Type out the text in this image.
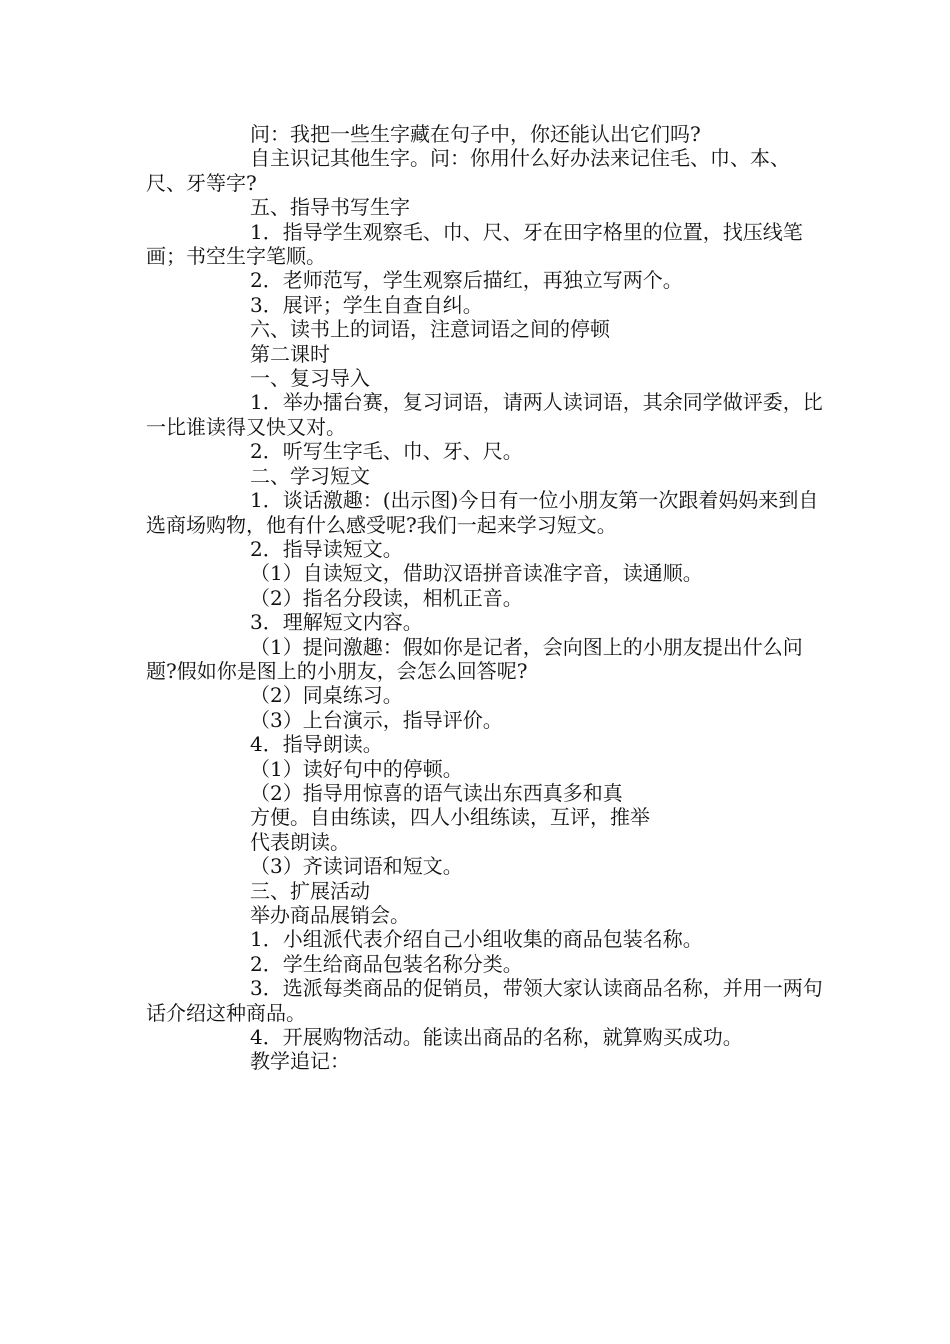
问：我把一些生字藏在句子中，你还能认出它们吗?

自主识记其他生字。问：你用什么好办法来记住毛、巾、本、尺、牙等字?

五、指导书写生字

1．指导学生观察毛、巾、尺、牙在田字格里的位置，找压线笔画；书空生字笔顺。

2．老师范写，学生观察后描红，再独立写两个。

3．展评；学生自查自纠。

六、读书上的词语，注意词语之间的停顿

第二课时

一、复习导入

1．举办擂台赛，复习词语，请两人读词语，其余同学做评委，比一比谁读得又快又对。

2．听写生字毛、巾、牙、尺。

二、学习短文

1．谈话激趣：(出示图)今日有一位小朋友第一次跟着妈妈来到自选商场购物，他有什么感受呢?我们一起来学习短文。

2．指导读短文。

（1）自读短文，借助汉语拼音读准字音，读通顺。

（2）指名分段读，相机正音。

3．理解短文内容。

（1）提问激趣：假如你是记者，会向图上的小朋友提出什么问题?假如你是图上的小朋友，会怎么回答呢?

（2）同桌练习。

（3）上台演示，指导评价。

4．指导朗读。

（1）读好句中的停顿。

（2）指导用惊喜的语气读出东西真多和真

方便。自由练读，四人小组练读，互评，推举

代表朗读。

（3）齐读词语和短文。

三、扩展活动

举办商品展销会。

1．小组派代表介绍自己小组收集的商品包装名称。

2．学生给商品包装名称分类。

3．选派每类商品的促销员，带领大家认读商品名称，并用一两句话介绍这种商品。

4．开展购物活动。能读出商品的名称，就算购买成功。

教学追记：
